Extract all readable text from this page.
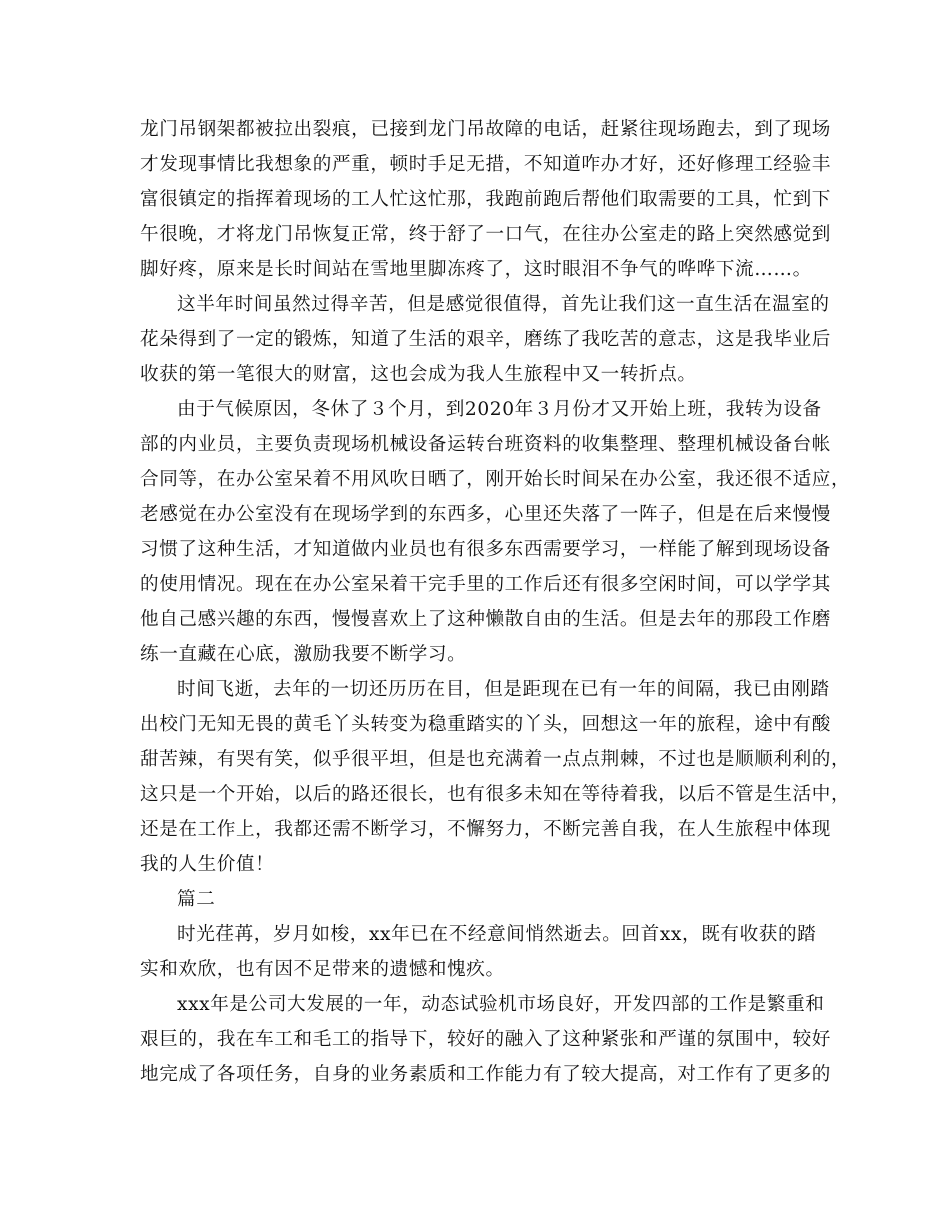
龙门吊钢架都被拉出裂痕，已接到龙门吊故障的电话，赶紧往现场跑去，到了现场
才发现事情比我想象的严重，顿时手足无措，不知道咋办才好，还好修理工经验丰
富很镇定的指挥着现场的工人忙这忙那，我跑前跑后帮他们取需要的工具，忙到下
午很晚，才将龙门吊恢复正常，终于舒了一口气，在往办公室走的路上突然感觉到
脚好疼，原来是长时间站在雪地里脚冻疼了，这时眼泪不争气的哗哗下流……。
这半年时间虽然过得辛苦，但是感觉很值得，首先让我们这一直生活在温室的
花朵得到了一定的锻炼，知道了生活的艰辛，磨练了我吃苦的意志，这是我毕业后
收获的第一笔很大的财富，这也会成为我人生旅程中又一转折点。
由于气候原因，冬休了３个月，到2020年３月份才又开始上班，我转为设备
部的内业员，主要负责现场机械设备运转台班资料的收集整理、整理机械设备台帐
合同等，在办公室呆着不用风吹日晒了，刚开始长时间呆在办公室，我还很不适应，
老感觉在办公室没有在现场学到的东西多，心里还失落了一阵子，但是在后来慢慢
习惯了这种生活，才知道做内业员也有很多东西需要学习，一样能了解到现场设备
的使用情况。现在在办公室呆着干完手里的工作后还有很多空闲时间，可以学学其
他自己感兴趣的东西，慢慢喜欢上了这种懒散自由的生活。但是去年的那段工作磨
练一直藏在心底，激励我要不断学习。
时间飞逝，去年的一切还历历在目，但是距现在已有一年的间隔，我已由刚踏
出校门无知无畏的黄毛丫头转变为稳重踏实的丫头，回想这一年的旅程，途中有酸
甜苦辣，有哭有笑，似乎很平坦，但是也充满着一点点荆棘，不过也是顺顺利利的，
这只是一个开始，以后的路还很长，也有很多未知在等待着我，以后不管是生活中，
还是在工作上，我都还需不断学习，不懈努力，不断完善自我，在人生旅程中体现
我的人生价值！
篇二
时光荏苒，岁月如梭，xx年已在不经意间悄然逝去。回首xx，既有收获的踏
实和欢欣，也有因不足带来的遗憾和愧疚。
xxx年是公司大发展的一年，动态试验机市场良好，开发四部的工作是繁重和
艰巨的，我在车工和毛工的指导下，较好的融入了这种紧张和严谨的氛围中，较好
地完成了各项任务，自身的业务素质和工作能力有了较大提高，对工作有了更多的
